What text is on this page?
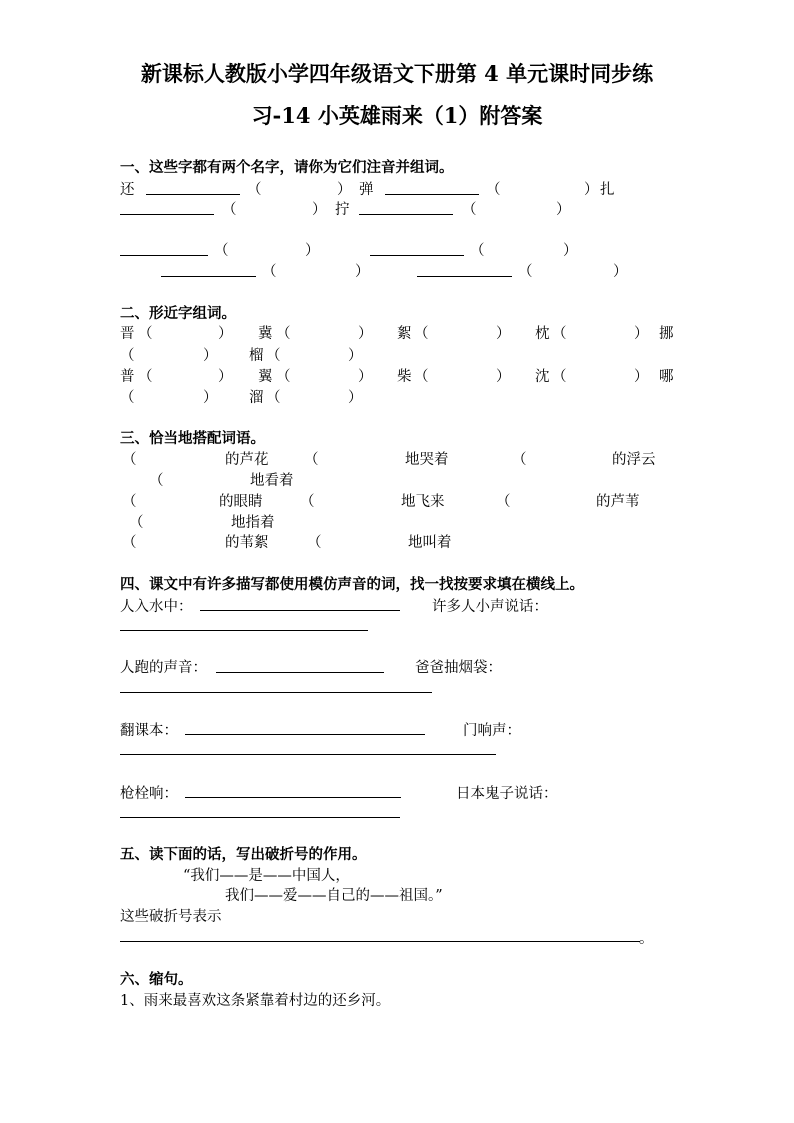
新课标人教版小学四年级语文下册第 4 单元课时同步练
习-14 小英雄雨来（1）附答案
一、这些字都有两个名字，请你为它们注音并组词。
还	（	） 弹	（	） 扎
（	） 拧	（	）
（	）	（	）
（	）	（	）
二、形近字组词。
晋 （	） 冀 （	） 絮 （	） 枕 （	） 挪
（	） 榴 （	）
普 （	） 翼 （	） 柴 （	） 沈 （	） 哪
（	） 溜 （	）
三、恰当地搭配词语。
（	的芦花 （	地哭着	（	的浮云
（	地看着
（	的眼睛	（	地飞来	（	的芦苇
（	地指着
（	的苇絮	（	地叫着
四、课文中有许多描写都使用模仿声音的词，找一找按要求填在横线上。
人入水中：	许多人小声说话：
人跑的声音：	爸爸抽烟袋：
翻课本：	门响声：
枪栓响：	日本鬼子说话：
五、读下面的话，写出破折号的作用。
“我们——是——中国人，
我们——爱——自己的——祖国。”
这些破折号表示
。
六、缩句。
1、雨来最喜欢这条紧靠着村边的还乡河。
